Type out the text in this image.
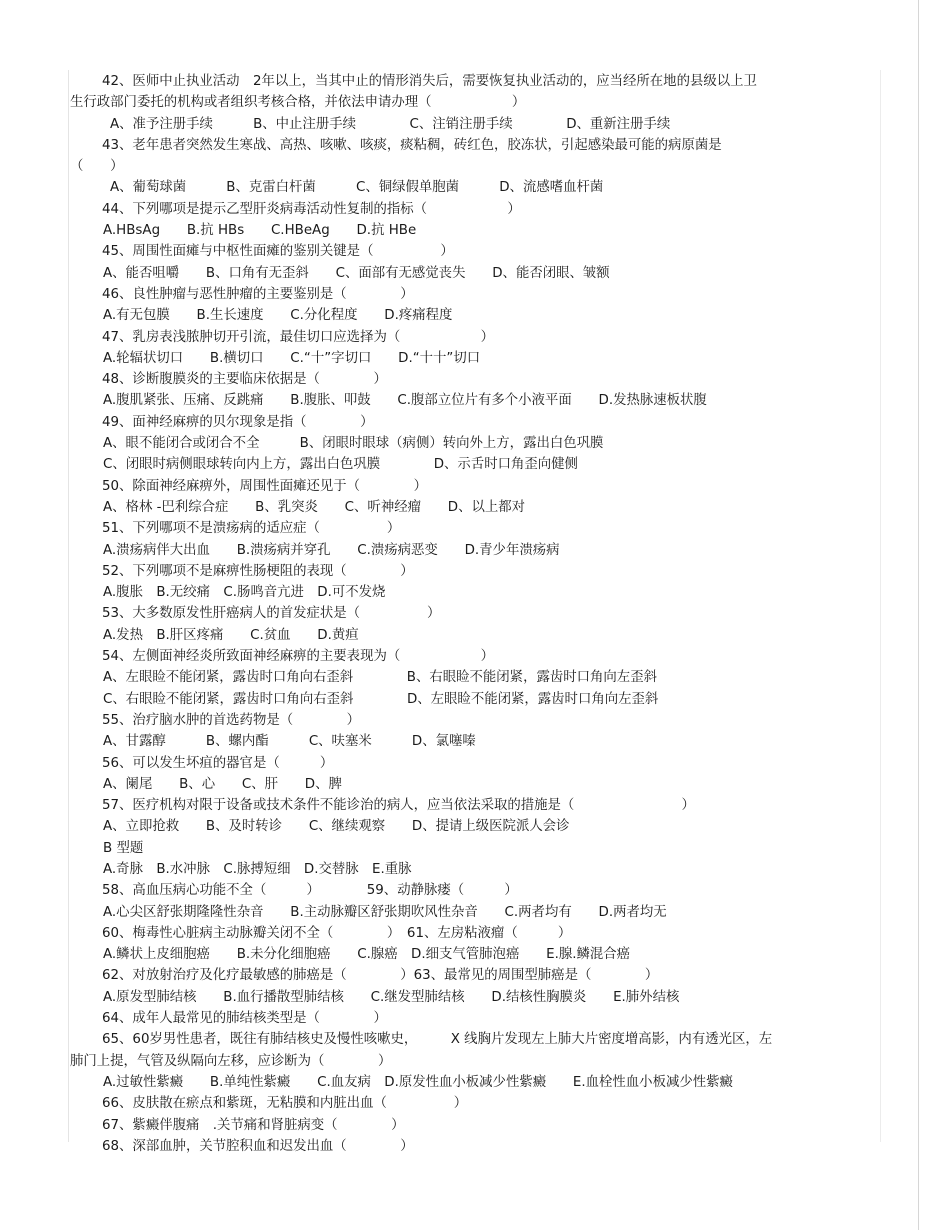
42、医师中止执业活动　2年以上，当其中止的情形消失后，需要恢复执业活动的，应当经所在地的县级以上卫
生行政部门委托的机构或者组织考核合格，并依法申请办理（　　　　　　）
A、准予注册手续　　　B、中止注册手续　　　　C、注销注册手续　　　　D、重新注册手续
43、老年患者突然发生寒战、高热、咳嗽、咳痰，痰粘稠，砖红色，胶冻状，引起感染最可能的病原菌是
（　　）
A、葡萄球菌　　　B、克雷白杆菌　　　C、铜绿假单胞菌　　　D、流感嗜血杆菌
44、下列哪项是提示乙型肝炎病毒活动性复制的指标（　　　　　　）
A.HBsAg　　B.抗 HBs　　C.HBeAg　　D.抗 HBe
45、周围性面瘫与中枢性面瘫的鉴别关键是（　　　　　）
A、能否咀嚼　　B、口角有无歪斜　　C、面部有无感觉丧失　　D、能否闭眼、皱额
46、良性肿瘤与恶性肿瘤的主要鉴别是（　　　　）
A.有无包膜　　B.生长速度　　C.分化程度　　D.疼痛程度
47、乳房表浅脓肿切开引流，最佳切口应选择为（　　　　　　）
A.轮辐状切口　　B.横切口　　C.“十”字切口　　D.“十十”切口
48、诊断腹膜炎的主要临床依据是（　　　　）
A.腹肌紧张、压痛、反跳痛　　B.腹胀、叩鼓　　C.腹部立位片有多个小液平面　　D.发热脉速板状腹
49、面神经麻痹的贝尔现象是指（　　　　）
A、眼不能闭合或闭合不全　　　B、闭眼时眼球（病侧）转向外上方，露出白色巩膜
C、闭眼时病侧眼球转向内上方，露出白色巩膜　　　　D、示舌时口角歪向健侧
50、除面神经麻痹外，周围性面瘫还见于（　　　　）
A、格林 -巴利综合症　　B、乳突炎　　C、听神经瘤　　D、以上都对
51、下列哪项不是溃疡病的适应症（　　　　　）
A.溃疡病伴大出血　　B.溃疡病并穿孔　　C.溃疡病恶变　　D.青少年溃疡病
52、下列哪项不是麻痹性肠梗阻的表现（　　　　）
A.腹胀　B.无绞痛　C.肠鸣音亢进　D.可不发烧
53、大多数原发性肝癌病人的首发症状是（　　　　　）
A.发热　B.肝区疼痛　　C.贫血　　D.黄疸
54、左侧面神经炎所致面神经麻痹的主要表现为（　　　　　　）
A、左眼睑不能闭紧，露齿时口角向右歪斜　　　　B、右眼睑不能闭紧，露齿时口角向左歪斜
C、右眼睑不能闭紧，露齿时口角向右歪斜　　　　D、左眼睑不能闭紧，露齿时口角向左歪斜
55、治疗脑水肿的首选药物是（　　　　）
A、甘露醇　　　B、螺内酯　　　C、呋塞米　　　D、氯噻嗪
56、可以发生坏疽的器官是（　　　）
A、阑尾　　B、心　　C、肝　　D、脾
57、医疗机构对限于设备或技术条件不能诊治的病人，应当依法采取的措施是（　　　　　　　　）
A、立即抢救　　B、及时转诊　　C、继续观察　　D、提请上级医院派人会诊
B 型题
A.奇脉　B.水冲脉　C.脉搏短细　D.交替脉　E.重脉
58、高血压病心功能不全（　　　）　　　　59、动静脉瘘（　　　）
A.心尖区舒张期隆隆性杂音　　B.主动脉瓣区舒张期吹风性杂音　　C.两者均有　　D.两者均无
60、梅毒性心脏病主动脉瓣关闭不全（　　　　）　61、左房粘液瘤（　　　）
A.鳞状上皮细胞癌　　B.未分化细胞癌　　C.腺癌　D.细支气管肺泡癌　　E.腺.鳞混合癌
62、对放射治疗及化疗最敏感的肺癌是（　　　　）63、最常见的周围型肺癌是（　　　　）
A.原发型肺结核　　B.血行播散型肺结核　　C.继发型肺结核　　D.结核性胸膜炎　　E.肺外结核
64、成年人最常见的肺结核类型是（　　　　）
65、60岁男性患者，既往有肺结核史及慢性咳嗽史，　　　X 线胸片发现左上肺大片密度增高影，内有透光区，左
肺门上提，气管及纵隔向左移，应诊断为（　　　　）
A.过敏性紫癜　　B.单纯性紫癜　　C.血友病　D.原发性血小板减少性紫癜　　E.血栓性血小板减少性紫癜
66、皮肤散在瘀点和紫斑，无粘膜和内脏出血（　　　　　）
67、紫癜伴腹痛　.关节痛和肾脏病变（　　　　）
68、深部血肿，关节腔积血和迟发出血（　　　　）
